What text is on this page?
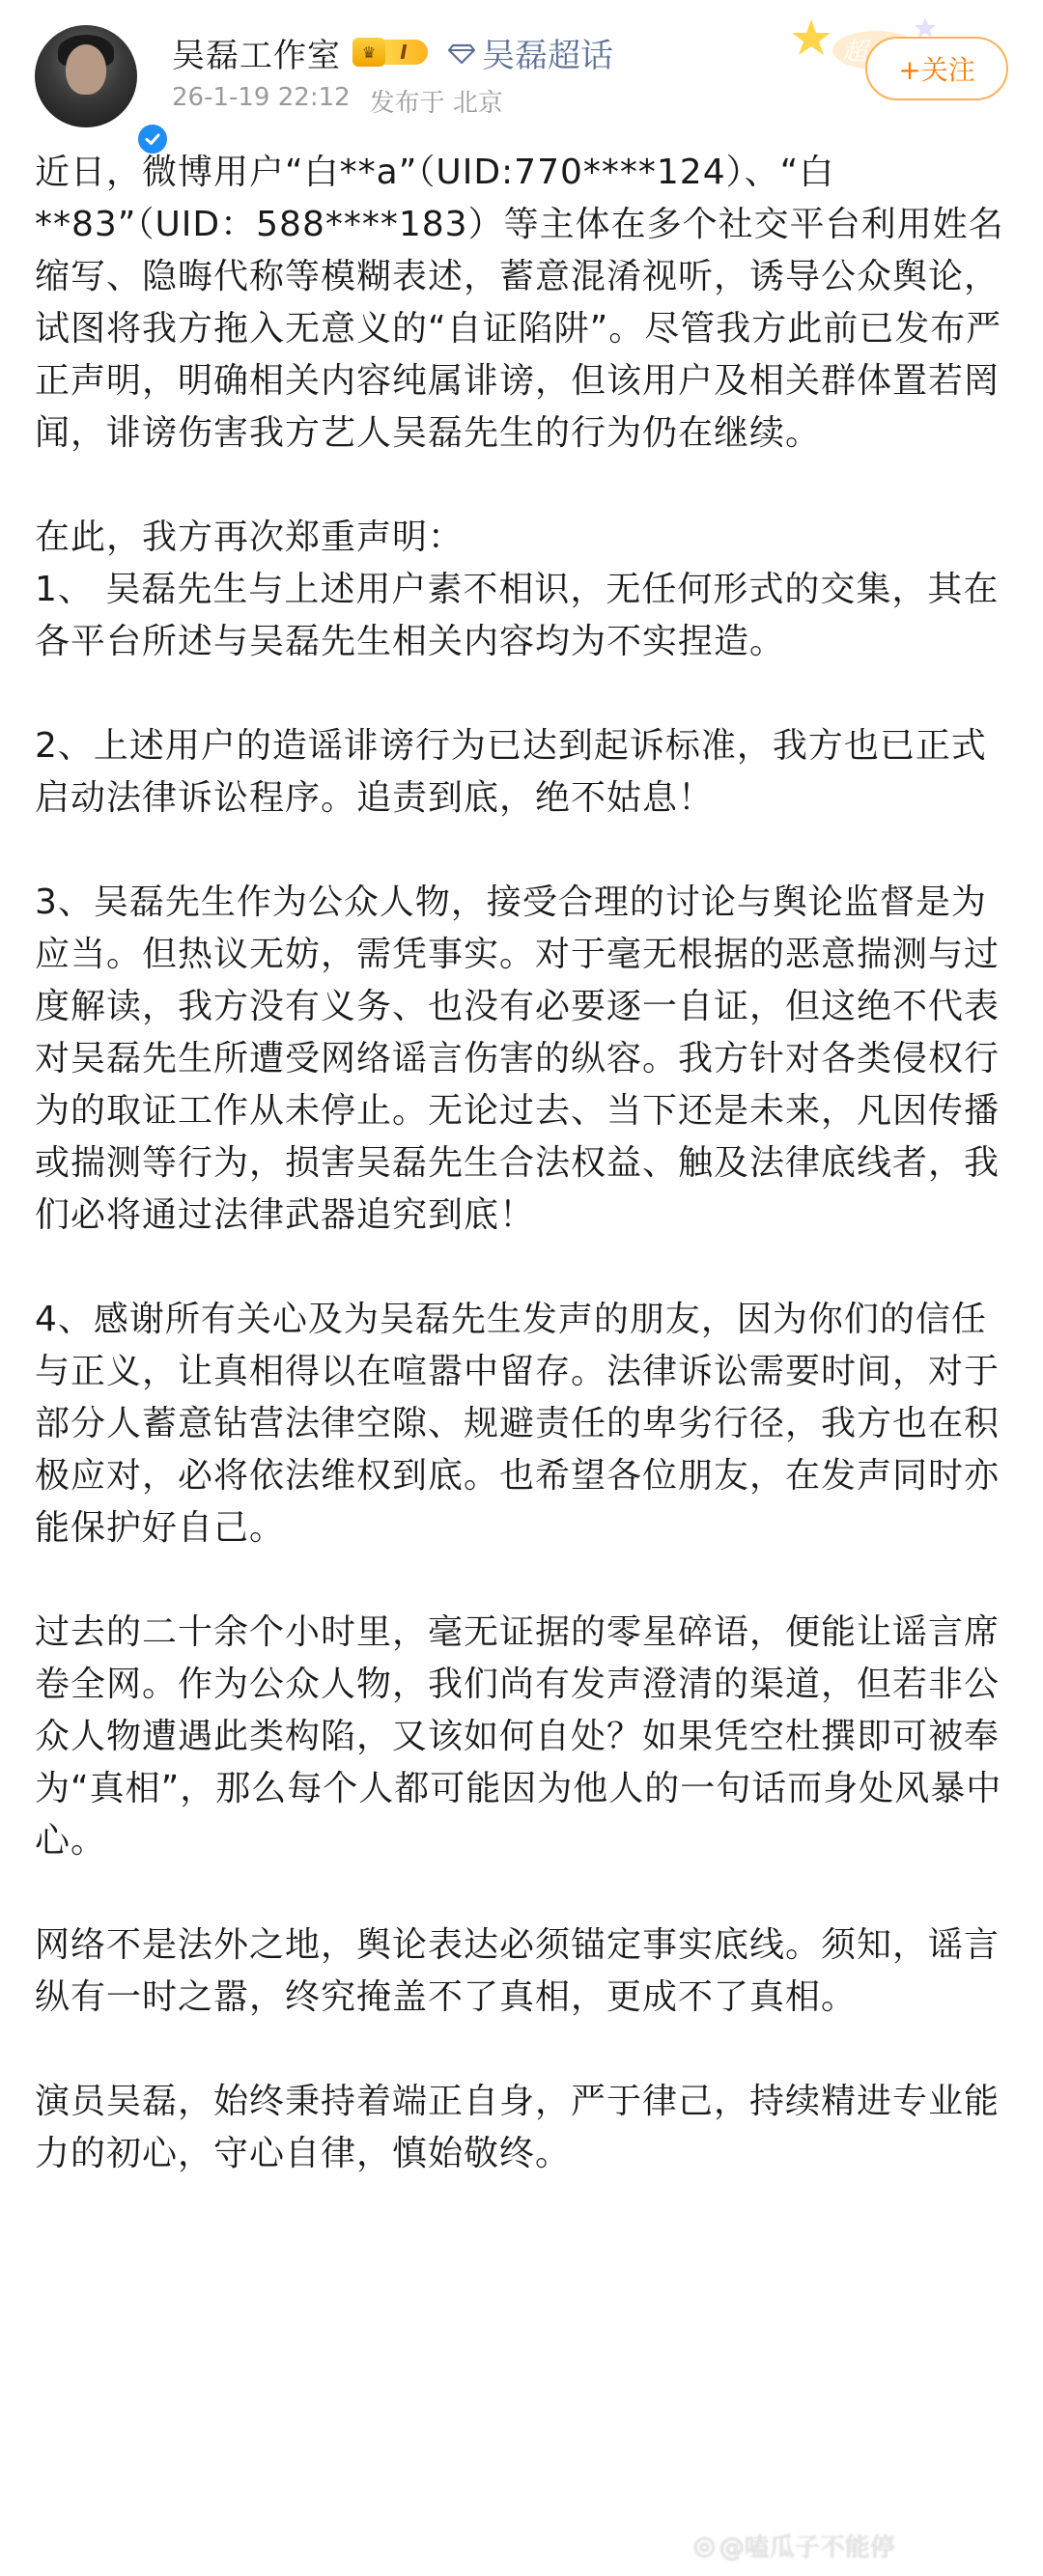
吴磊工作室	♛	I	吴磊超话
26-1-19 22:12 发布于 北京
超
+关注

近日，微博用户“白**a”（UID:770****124）、“白**83”（UID：588****183）等主体在多个社交平台利用姓名缩写、隐晦代称等模糊表述，蓄意混淆视听，诱导公众舆论，试图将我方拖入无意义的“自证陷阱”。尽管我方此前已发布严正声明，明确相关内容纯属诽谤，但该用户及相关群体置若罔闻，诽谤伤害我方艺人吴磊先生的行为仍在继续。

在此，我方再次郑重声明：
1、 吴磊先生与上述用户素不相识，无任何形式的交集，其在各平台所述与吴磊先生相关内容均为不实捏造。

2、上述用户的造谣诽谤行为已达到起诉标准，我方也已正式启动法律诉讼程序。追责到底，绝不姑息！

3、吴磊先生作为公众人物，接受合理的讨论与舆论监督是为应当。但热议无妨，需凭事实。对于毫无根据的恶意揣测与过度解读，我方没有义务、也没有必要逐一自证，但这绝不代表对吴磊先生所遭受网络谣言伤害的纵容。我方针对各类侵权行为的取证工作从未停止。无论过去、当下还是未来，凡因传播或揣测等行为，损害吴磊先生合法权益、触及法律底线者，我们必将通过法律武器追究到底！

4、感谢所有关心及为吴磊先生发声的朋友，因为你们的信任与正义，让真相得以在喧嚣中留存。法律诉讼需要时间，对于部分人蓄意钻营法律空隙、规避责任的卑劣行径，我方也在积极应对，必将依法维权到底。也希望各位朋友，在发声同时亦能保护好自己。

过去的二十余个小时里，毫无证据的零星碎语，便能让谣言席卷全网。作为公众人物，我们尚有发声澄清的渠道，但若非公众人物遭遇此类构陷，又该如何自处？如果凭空杜撰即可被奉为“真相”，那么每个人都可能因为他人的一句话而身处风暴中心。

网络不是法外之地，舆论表达必须锚定事实底线。须知，谣言纵有一时之嚣，终究掩盖不了真相，更成不了真相。

演员吴磊，始终秉持着端正自身，严于律己，持续精进专业能力的初心，守心自律，慎始敬终。

◎ @嗑瓜子不能停
